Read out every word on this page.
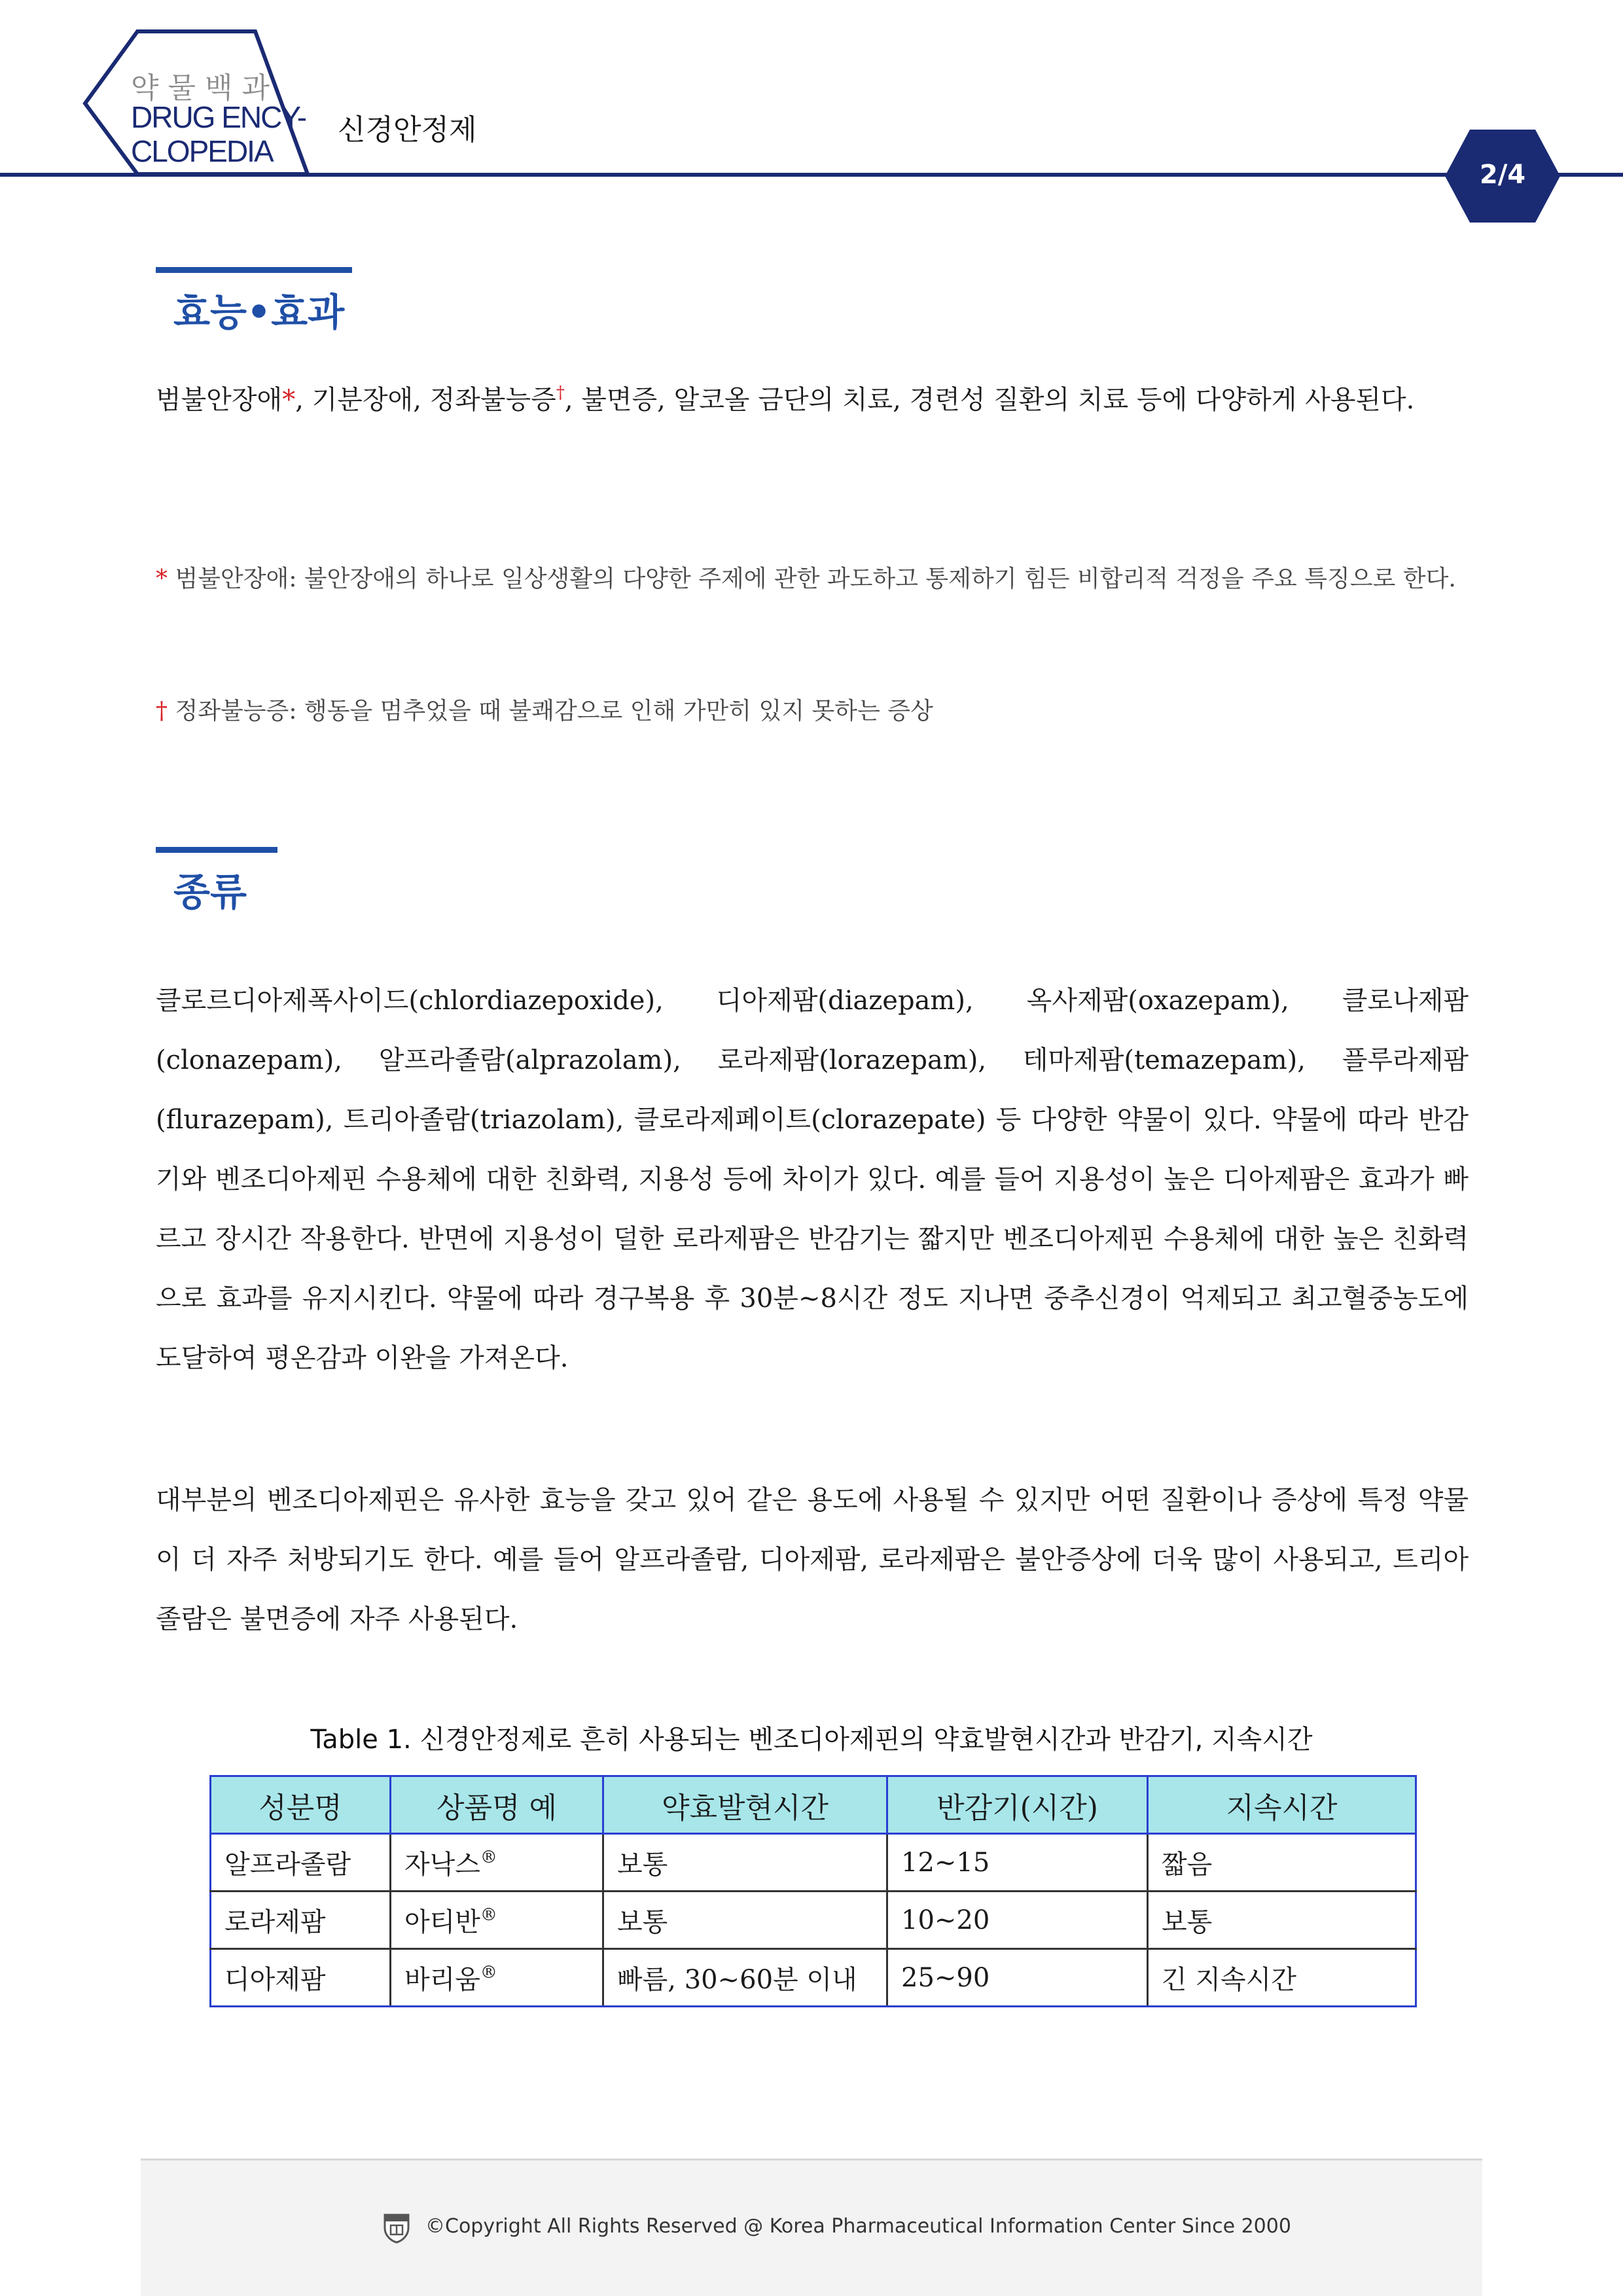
약물백과
DRUG ENCY-
CLOPEDIA
신경안정제
2/4
효능•효과
범불안장애*, 기분장애, 정좌불능증†, 불면증, 알코올 금단의 치료, 경련성 질환의 치료 등에 다양하게 사용된다.
* 범불안장애: 불안장애의 하나로 일상생활의 다양한 주제에 관한 과도하고 통제하기 힘든 비합리적 걱정을 주요 특징으로 한다.
† 정좌불능증: 행동을 멈추었을 때 불쾌감으로 인해 가만히 있지 못하는 증상
종류
클로르디아제폭사이드(chlordiazepoxide), 디아제팜(diazepam), 옥사제팜(oxazepam), 클로나제팜(clonazepam), 알프라졸람(alprazolam), 로라제팜(lorazepam), 테마제팜(temazepam), 플루라제팜(flurazepam), 트리아졸람(triazolam), 클로라제페이트(clorazepate) 등 다양한 약물이 있다. 약물에 따라 반감기와 벤조디아제핀 수용체에 대한 친화력, 지용성 등에 차이가 있다. 예를 들어 지용성이 높은 디아제팜은 효과가 빠르고 장시간 작용한다. 반면에 지용성이 덜한 로라제팜은 반감기는 짧지만 벤조디아제핀 수용체에 대한 높은 친화력으로 효과를 유지시킨다. 약물에 따라 경구복용 후 30분~8시간 정도 지나면 중추신경이 억제되고 최고혈중농도에 도달하여 평온감과 이완을 가져온다.
대부분의 벤조디아제핀은 유사한 효능을 갖고 있어 같은 용도에 사용될 수 있지만 어떤 질환이나 증상에 특정 약물이 더 자주 처방되기도 한다. 예를 들어 알프라졸람, 디아제팜, 로라제팜은 불안증상에 더욱 많이 사용되고, 트리아졸람은 불면증에 자주 사용된다.
Table 1. 신경안정제로 흔히 사용되는 벤조디아제핀의 약효발현시간과 반감기, 지속시간
성분명	상품명 예	약효발현시간	반감기(시간)	지속시간
알프라졸람	자낙스®	보통	12~15	짧음
로라제팜	아티반®	보통	10~20	보통
디아제팜	바리움®	빠름, 30~60분 이내	25~90	긴 지속시간
©Copyright All Rights Reserved @ Korea Pharmaceutical Information Center Since 2000
